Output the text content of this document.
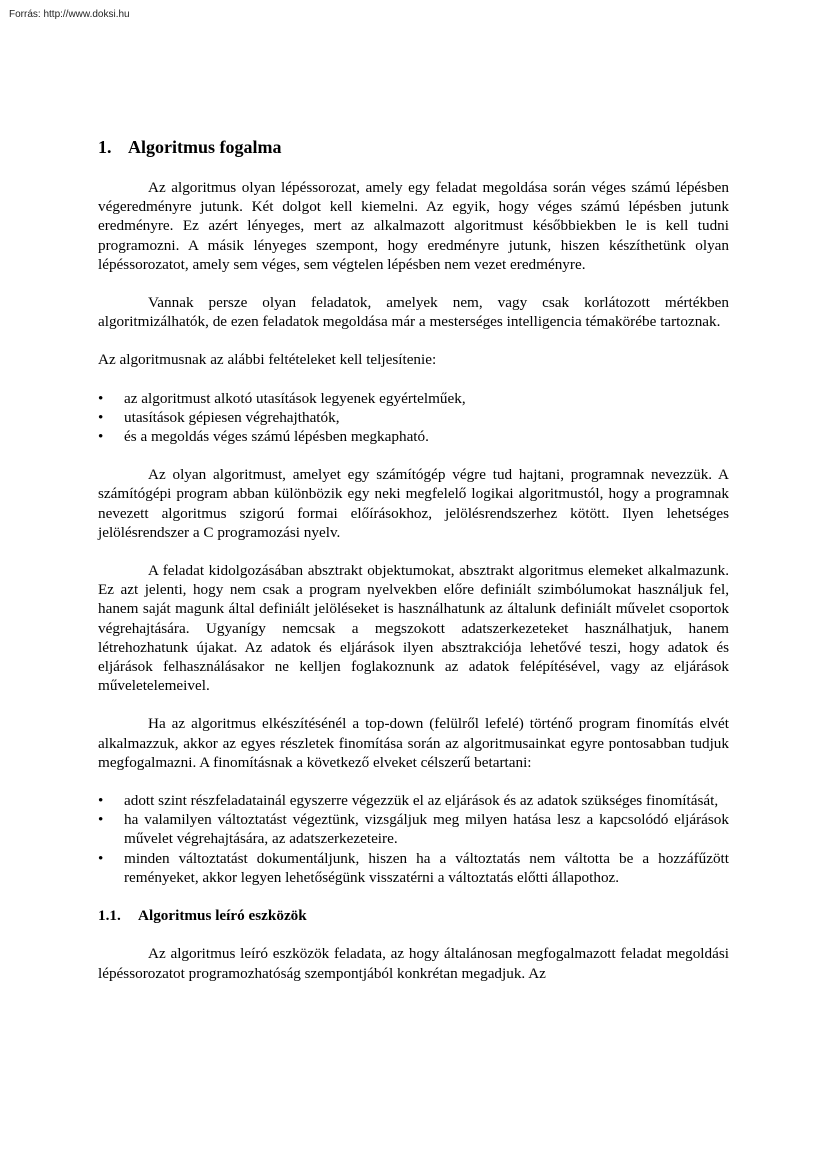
Forrás: http://www.doksi.hu
1. Algoritmus fogalma

Az algoritmus olyan lépéssorozat, amely egy feladat megoldása során véges számú lépésben végeredményre jutunk. Két dolgot kell kiemelni. Az egyik, hogy véges számú lépésben jutunk eredményre. Ez azért lényeges, mert az alkalmazott algoritmust későbbiekben le is kell tudni programozni. A másik lényeges szempont, hogy eredményre jutunk, hiszen készíthetünk olyan lépéssorozatot, amely sem véges, sem végtelen lépésben nem vezet eredményre.

Vannak persze olyan feladatok, amelyek nem, vagy csak korlátozott mértékben algoritmizálhatók, de ezen feladatok megoldása már a mesterséges intelligencia témakörébe tartoznak.

Az algoritmusnak az alábbi feltételeket kell teljesítenie:

• az algoritmust alkotó utasítások legyenek egyértelműek,
• utasítások gépiesen végrehajthatók,
• és a megoldás véges számú lépésben megkapható.

Az olyan algoritmust, amelyet egy számítógép végre tud hajtani, programnak nevezzük. A számítógépi program abban különbözik egy neki megfelelő logikai algoritmustól, hogy a programnak nevezett algoritmus szigorú formai előírásokhoz, jelölésrendszerhez kötött. Ilyen lehetséges jelölésrendszer a C programozási nyelv.

A feladat kidolgozásában absztrakt objektumokat, absztrakt algoritmus elemeket alkalmazunk. Ez azt jelenti, hogy nem csak a program nyelvekben előre definiált szimbólumokat használjuk fel, hanem saját magunk által definiált jelöléseket is használhatunk az általunk definiált művelet csoportok végrehajtására. Ugyanígy nemcsak a megszokott adatszerkezeteket használhatjuk, hanem létrehozhatunk újakat. Az adatok és eljárások ilyen absztrakciója lehetővé teszi, hogy adatok és eljárások felhasználásakor ne kelljen foglakoznunk az adatok felépítésével, vagy az eljárások műveletelemeivel.

Ha az algoritmus elkészítésénél a top-down (felülről lefelé) történő program finomítás elvét alkalmazzuk, akkor az egyes részletek finomítása során az algoritmusainkat egyre pontosabban tudjuk megfogalmazni. A finomításnak a következő elveket célszerű betartani:

• adott szint részfeladatainál egyszerre végezzük el az eljárások és az adatok szükséges finomítását,
• ha valamilyen változtatást végeztünk, vizsgáljuk meg milyen hatása lesz a kapcsolódó eljárások művelet végrehajtására, az adatszerkezeteire.
• minden változtatást dokumentáljunk, hiszen ha a változtatás nem váltotta be a hozzáfűzött reményeket, akkor legyen lehetőségünk visszatérni a változtatás előtti állapothoz.
1.1. Algoritmus leíró eszközök

Az algoritmus leíró eszközök feladata, az hogy általánosan megfogalmazott feladat megoldási lépéssorozatot programozhatóság szempontjából konkrétan megadjuk. Az
